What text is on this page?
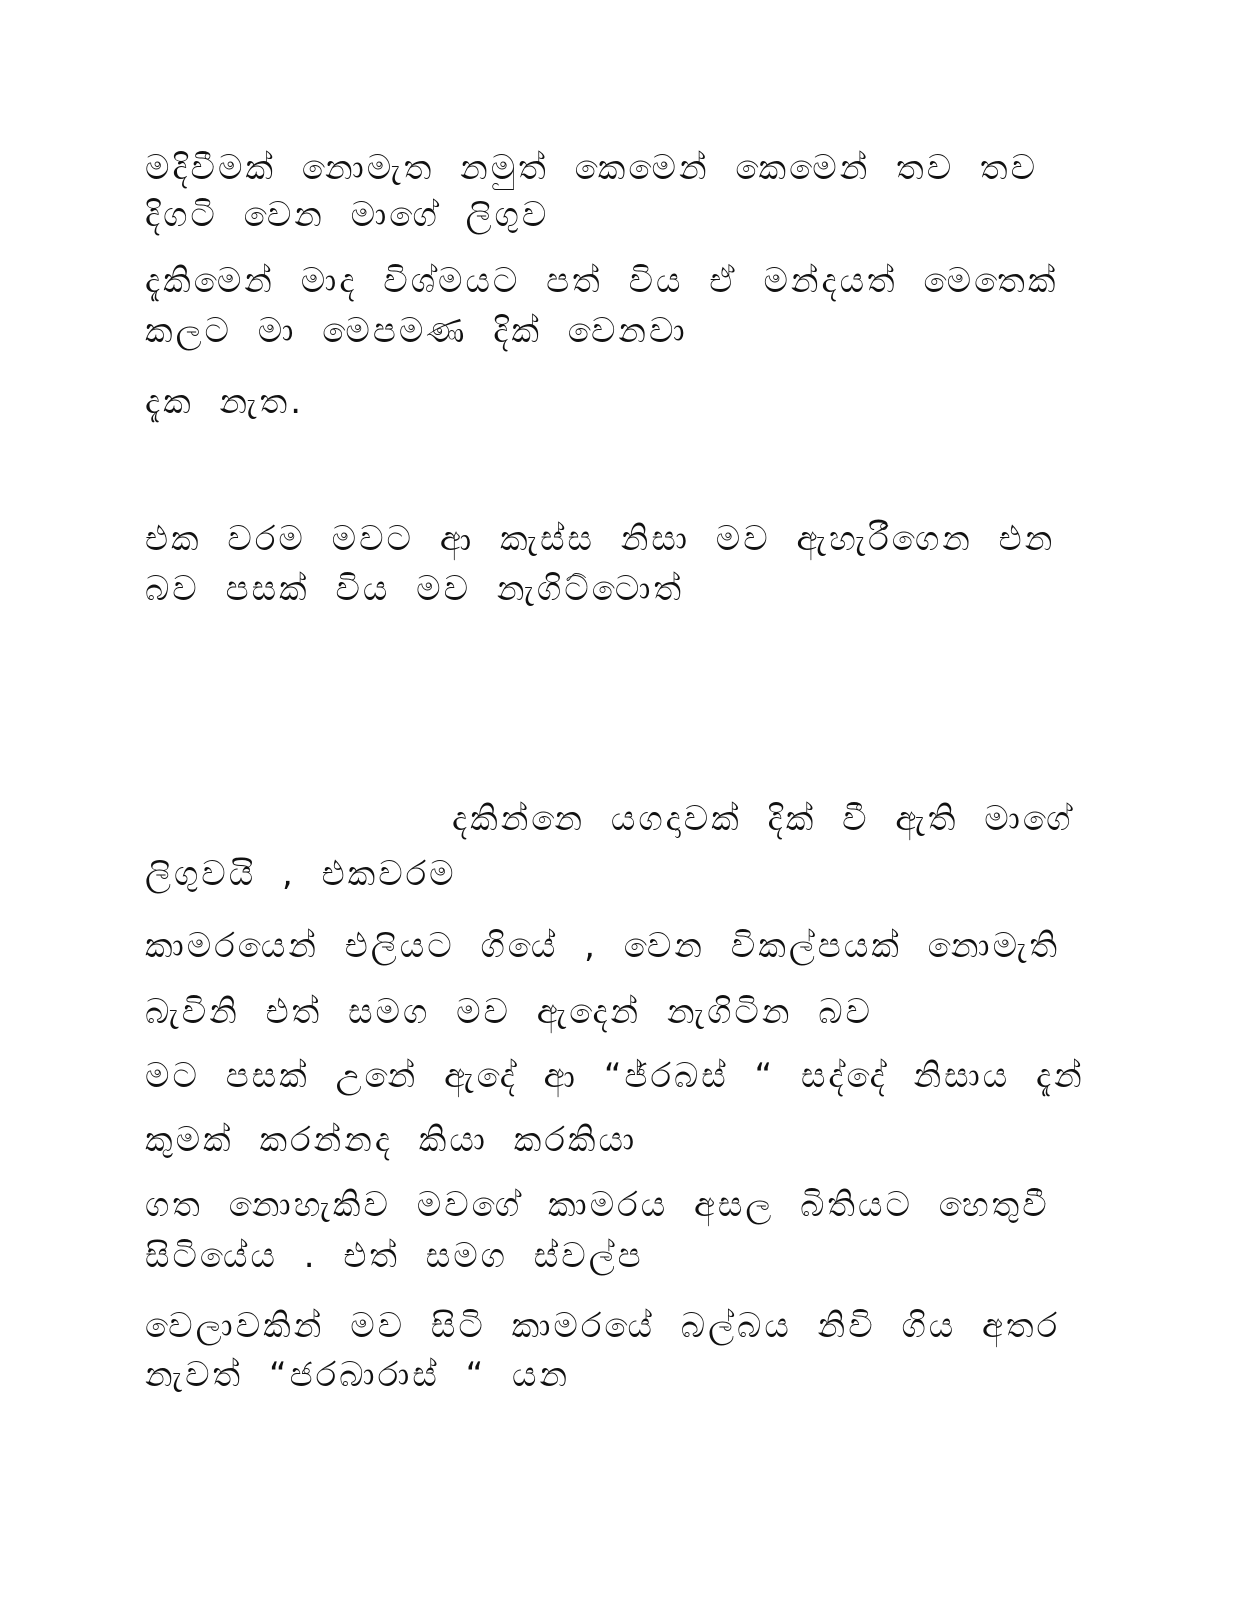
මදිවීමක් නොමැත නමුත් කෙමෙන් කෙමෙන් තව තව
දිගටි වෙන මාගේ ලිගුව
දැකිමෙන් මාද විශ්මයට පත් විය ඒ මන්දයත් මෙතෙක්
කලට මා මෙපමණ දික් වෙනවා
දැක නැත.
එක වරම මවට ආ කැස්ස නිසා මව ඇහැරීගෙන එන
බව පසක් විය මව නැගිට්ටොත්
දකින්නෙ යගදාවක් දික් වී ඇති මාගේ
ලිගුවයි , එකවරම
කාමරයෙන් එලියට ගියේ , වෙන විකල්පයක් නොමැති
බැවිනි එත් සමග මව ඇදෙන් නැගිටින බව
මට පසක් උනේ ඇදේ ආ “ජ්රබස් “ සද්දේ නිසාය දැන්
කුමක් කරන්නද කියා කරකියා
ගත නොහැකිව මවගේ කාමරය අසල බිතියට හෙතුවී
සිටියේය . එත් සමග ස්වල්ප
වෙලාවකින් මව සිටි කාමරයේ බල්බය නිවි ගිය අතර
නැවත් “ජරබාරාස් “ යන
